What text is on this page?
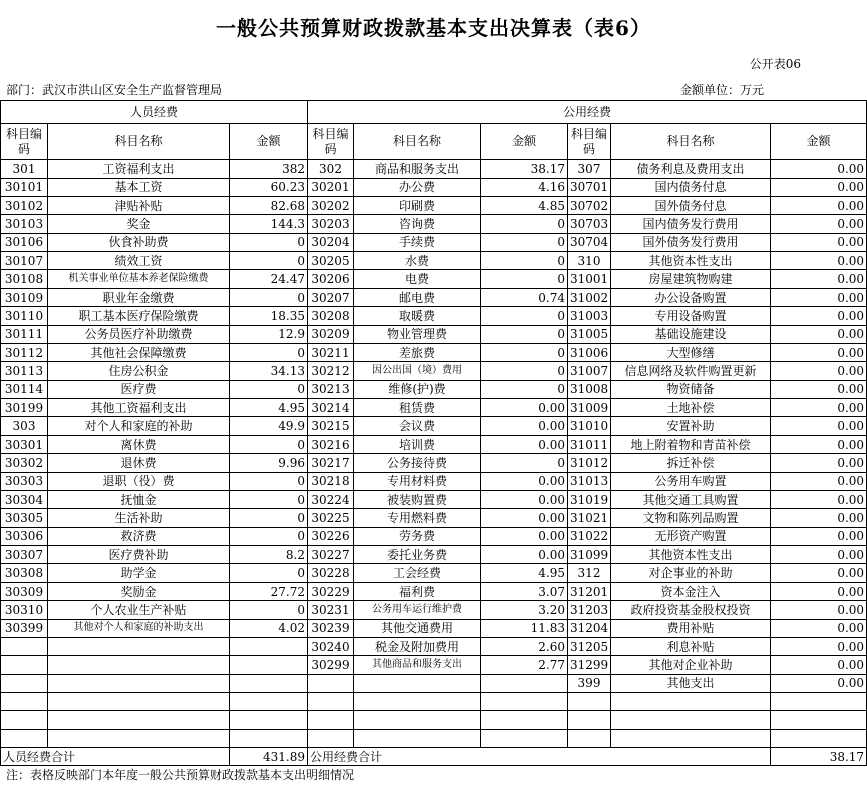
一般公共预算财政拨款基本支出决算表（表6）
公开表06
部门：武汉市洪山区安全生产监督管理局	金额单位：万元
人员经费			公用经费					
科目编码	科目名称	金额	科目编码	科目名称	金额	科目编码	科目名称	金额
301	工资福利支出	382	302	商品和服务支出	38.17	307	债务利息及费用支出	0.00
30101	基本工资	60.23	30201	办公费	4.16	30701	国内债务付息	0.00
30102	津贴补贴	82.68	30202	印刷费	4.85	30702	国外债务付息	0.00
30103	奖金	144.3	30203	咨询费	0	30703	国内债务发行费用	0.00
30106	伙食补助费	0	30204	手续费	0	30704	国外债务发行费用	0.00
30107	绩效工资	0	30205	水费	0	310	其他资本性支出	0.00
30108	机关事业单位基本养老保险缴费	24.47	30206	电费	0	31001	房屋建筑物购建	0.00
30109	职业年金缴费	0	30207	邮电费	0.74	31002	办公设备购置	0.00
30110	职工基本医疗保险缴费	18.35	30208	取暖费	0	31003	专用设备购置	0.00
30111	公务员医疗补助缴费	12.9	30209	物业管理费	0	31005	基础设施建设	0.00
30112	其他社会保障缴费	0	30211	差旅费	0	31006	大型修缮	0.00
30113	住房公积金	34.13	30212	因公出国（境）费用	0	31007	信息网络及软件购置更新	0.00
30114	医疗费	0	30213	维修(护)费	0	31008	物资储备	0.00
30199	其他工资福利支出	4.95	30214	租赁费	0.00	31009	土地补偿	0.00
303	对个人和家庭的补助	49.9	30215	会议费	0.00	31010	安置补助	0.00
30301	离休费	0	30216	培训费	0.00	31011	地上附着物和青苗补偿	0.00
30302	退休费	9.96	30217	公务接待费	0	31012	拆迁补偿	0.00
30303	退职（役）费	0	30218	专用材料费	0.00	31013	公务用车购置	0.00
30304	抚恤金	0	30224	被装购置费	0.00	31019	其他交通工具购置	0.00
30305	生活补助	0	30225	专用燃料费	0.00	31021	文物和陈列品购置	0.00
30306	救济费	0	30226	劳务费	0.00	31022	无形资产购置	0.00
30307	医疗费补助	8.2	30227	委托业务费	0.00	31099	其他资本性支出	0.00
30308	助学金	0	30228	工会经费	4.95	312	对企事业的补助	0.00
30309	奖励金	27.72	30229	福利费	3.07	31201	资本金注入	0.00
30310	个人农业生产补贴	0	30231	公务用车运行维护费	3.20	31203	政府投资基金股权投资	0.00
30399	其他对个人和家庭的补助支出	4.02	30239	其他交通费用	11.83	31204	费用补贴	0.00
			30240	税金及附加费用	2.60	31205	利息补贴	0.00
			30299	其他商品和服务支出	2.77	31299	其他对企业补助	0.00
						399	其他支出	0.00

人员经费合计		431.89	公用经费合计					38.17
注：表格反映部门本年度一般公共预算财政拨款基本支出明细情况
